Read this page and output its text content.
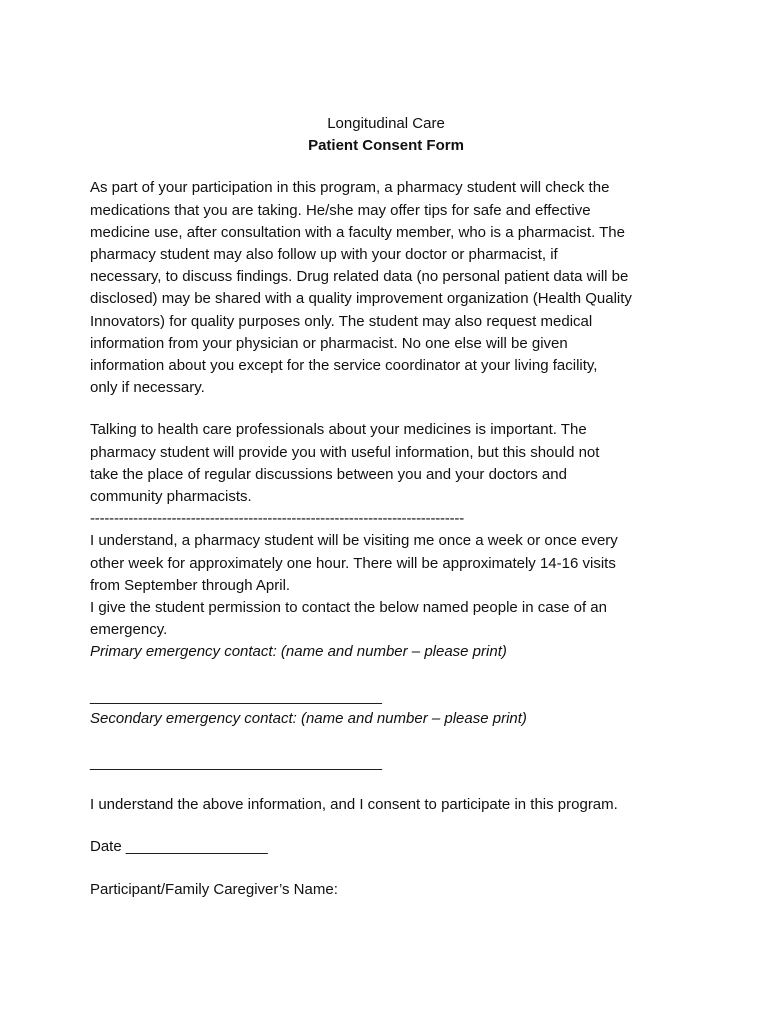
Longitudinal Care

Patient Consent Form

As part of your participation in this program, a pharmacy student will check the
medications that you are taking. He/she may offer tips for safe and effective
medicine use, after consultation with a faculty member, who is a pharmacist. The
pharmacy student may also follow up with your doctor or pharmacist, if
necessary, to discuss findings. Drug related data (no personal patient data will be
disclosed) may be shared with a quality improvement organization (Health Quality
Innovators) for quality purposes only. The student may also request medical
information from your physician or pharmacist. No one else will be given
information about you except for the service coordinator at your living facility,
only if necessary.

Talking to health care professionals about your medicines is important. The
pharmacy student will provide you with useful information, but this should not
take the place of regular discussions between you and your doctors and
community pharmacists.

------------------------------------------------------------------------------

I understand, a pharmacy student will be visiting me once a week or once every
other week for approximately one hour. There will be approximately 14-16 visits
from September through April.

I give the student permission to contact the below named people in case of an
emergency.

Primary emergency contact: (name and number – please print)

___________________________________

Secondary emergency contact: (name and number – please print)

___________________________________

I understand the above information, and I consent to participate in this program.

Date _________________

Participant/Family Caregiver’s Name:
